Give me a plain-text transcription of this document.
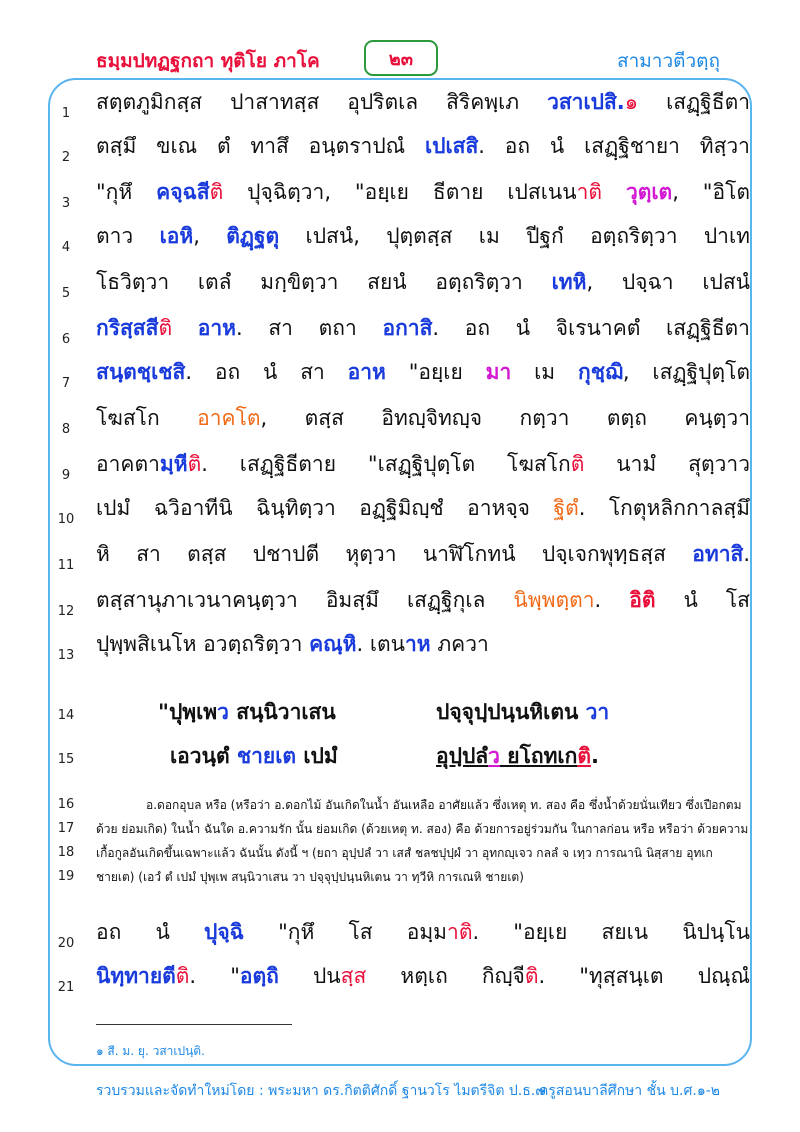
ธมฺมปทฏฐกถา ทุติโย ภาโค	๒๓	สามาวตีวตฺถุ
1	สตฺตภูมิกสฺส ปาสาทสฺส อุปริตเล สิริคพฺเภ วสาเปสิ.๑ เสฏฺฐิธีตา
2	ตสฺมึ ขเณ ตํ ทาสึ อนฺตราปณํ เปเสสิ. อถ นํ เสฏฺฐิชายา ทิสฺวา
3	"กุหึ คจฺฉสีติ ปุจฺฉิตฺวา, "อยฺเย ธีตาย เปสเนนาติ วุตฺเต, "อิโต
4	ตาว เอหิ, ติฏฺฐตุ เปสนํ, ปุตฺตสฺส เม ปีฐกํ อตฺถริตฺวา ปาเท
5	โธวิตฺวา เตลํ มกฺขิตฺวา สยนํ อตฺถริตฺวา เทหิ, ปจฺฉา เปสนํ
6	กริสฺสสีติ อาห. สา ตถา อกาสิ. อถ นํ จิเรนาคตํ เสฏฺฐิธีตา
7	สนฺตชฺเชสิ. อถ นํ สา อาห "อยฺเย มา เม กุชฺฌิ, เสฏฺฐิปุตฺโต
8	โฆสโก อาคโต, ตสฺส อิทญฺจิทญฺจ กตฺวา ตตฺถ คนฺตฺวา
9	อาคตามฺหีติ. เสฏฺฐิธีตาย "เสฏฺฐิปุตฺโต โฆสโกติ นามํ สุตฺวาว
10	เปมํ ฉวิอาทีนิ ฉินฺทิตฺวา อฏฺฐิมิญฺชํ อาหจฺจ ฐิตํ. โกตุหลิกกาลสฺมึ
11	หิ สา ตสฺส ปชาปตี หุตฺวา นาฬิโกทนํ ปจฺเจกพุทฺธสฺส อทาสิ.
12	ตสฺสานุภาเวนาคนฺตฺวา อิมสฺมึ เสฏฺฐิกุเล นิพฺพตฺตา. อิติ นํ โส
13	ปุพฺพสิเนโห อวตฺถริตฺวา คณฺหิ. เตนาห ภควา
14	"ปุพฺเพว สนฺนิวาเสน	ปจฺจุปฺปนฺนหิเตน วา
15	เอวนฺตํ ชายเต เปมํ	อุปฺปลํว ยโถทเกติ.
16	อ.ดอกอุบล หรือ (หรือว่า อ.ดอกไม้ อันเกิดในน้ำ อันเหลือ อาศัยแล้ว ซึ่งเหตุ ท. สอง คือ ซึ่งน้ำด้วยนั่นเทียว ซึ่งเปือกตม
17	ด้วย ย่อมเกิด) ในน้ำ ฉันใด อ.ความรัก นั้น ย่อมเกิด (ด้วยเหตุ ท. สอง) คือ ด้วยการอยู่ร่วมกัน ในกาลก่อน หรือ หรือว่า ด้วยความ
18	เกื้อกูลอันเกิดขึ้นเฉพาะแล้ว ฉันนั้น ดังนี้ ฯ (ยถา อุปฺปลํ วา เสสํ ชลชปุปฺผํ วา อุทกญฺเจว กลลํ จ เทฺว การณานิ นิสฺสาย อุทเก
19	ชายเต) (เอวํ ตํ เปมํ ปุพฺเพ สนฺนิวาเสน วา ปจฺจุปฺปนฺนหิเตน วา ทฺวีหิ การเณหิ ชายเต)
20	อถ นํ ปุจฺฉิ "กุหึ โส อมฺมาติ. "อยฺเย สยเน นิปนฺโน
21	นิทฺทายตีติ. "อตฺถิ ปนสฺส หตฺเถ กิญฺจีติ. "ทุสฺสนฺเต ปณฺณํ
๑ สี. ม. ยุ. วสาเปนฺติ.
รวบรวมและจัดทำใหม่โดย : พระมหา ดร.กิตติศักดิ์ ฐานวโร ไมตรีจิต ป.ธ.๗
ครูสอนบาลีศึกษา ชั้น บ.ศ.๑-๒
